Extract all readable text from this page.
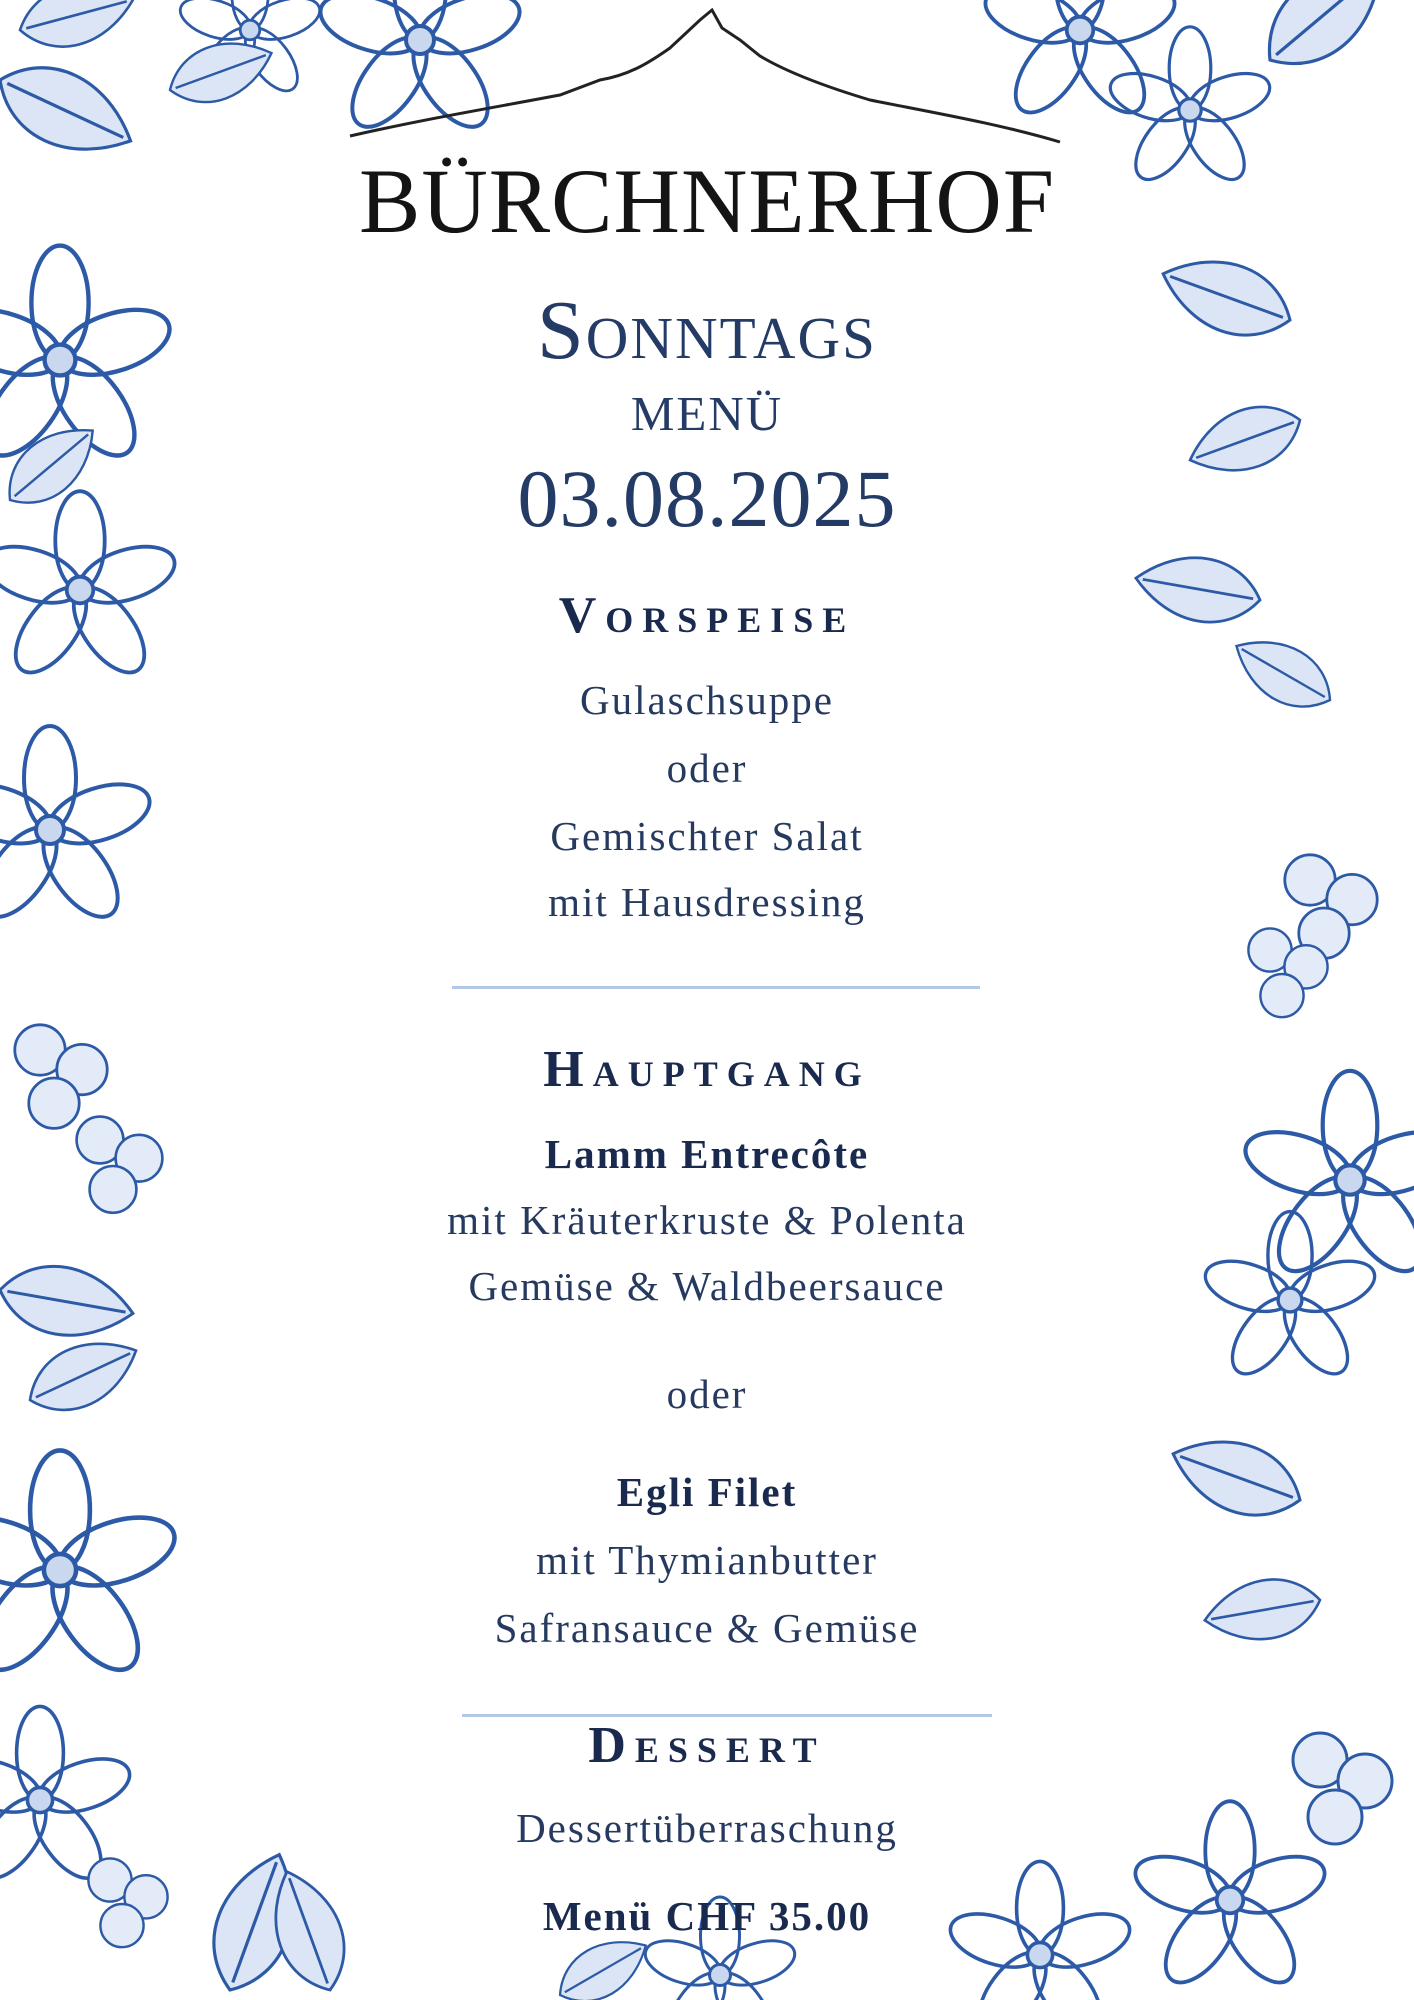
BÜRCHNERHOF
Sonntags
menü
03.08.2025
Vorspeise
Gulaschsuppe
oder
Gemischter Salat
mit Hausdressing
Hauptgang
Lamm Entrecôte
mit Kräuterkruste & Polenta
Gemüse & Waldbeersauce
oder
Egli Filet
mit Thymianbutter
Safransauce & Gemüse
Dessert
Dessertüberraschung
Menü CHF 35.00
